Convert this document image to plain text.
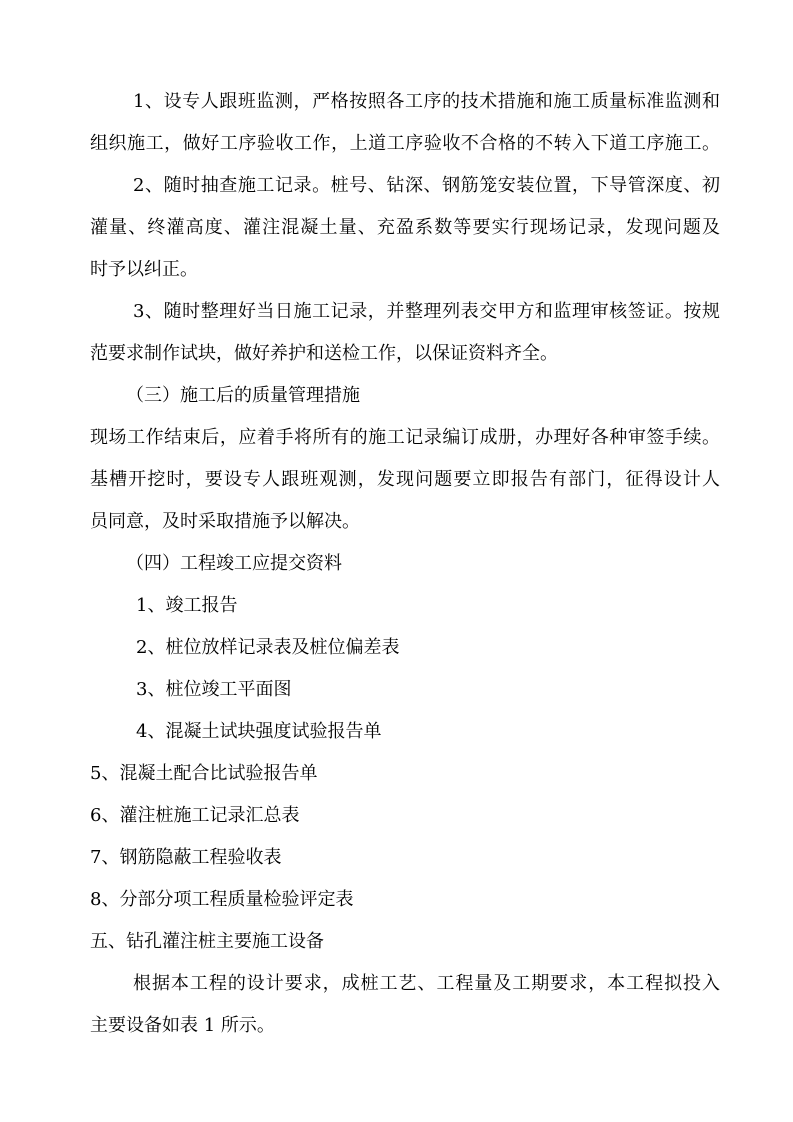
1、设专人跟班监测，严格按照各工序的技术措施和施工质量标准监测和
组织施工，做好工序验收工作，上道工序验收不合格的不转入下道工序施工。
2、随时抽查施工记录。桩号、钻深、钢筋笼安装位置，下导管深度、初
灌量、终灌高度、灌注混凝土量、充盈系数等要实行现场记录，发现问题及
时予以纠正。
3、随时整理好当日施工记录，并整理列表交甲方和监理审核签证。按规
范要求制作试块，做好养护和送检工作，以保证资料齐全。
（三）施工后的质量管理措施
现场工作结束后，应着手将所有的施工记录编订成册，办理好各种审签手续。
基槽开挖时，要设专人跟班观测，发现问题要立即报告有部门，征得设计人
员同意，及时采取措施予以解决。
（四）工程竣工应提交资料
1、竣工报告
2、桩位放样记录表及桩位偏差表
3、桩位竣工平面图
4、混凝土试块强度试验报告单
5、混凝土配合比试验报告单
6、灌注桩施工记录汇总表
7、钢筋隐蔽工程验收表
8、分部分项工程质量检验评定表
五、钻孔灌注桩主要施工设备
根据本工程的设计要求，成桩工艺、工程量及工期要求，本工程拟投入
主要设备如表 1 所示。
